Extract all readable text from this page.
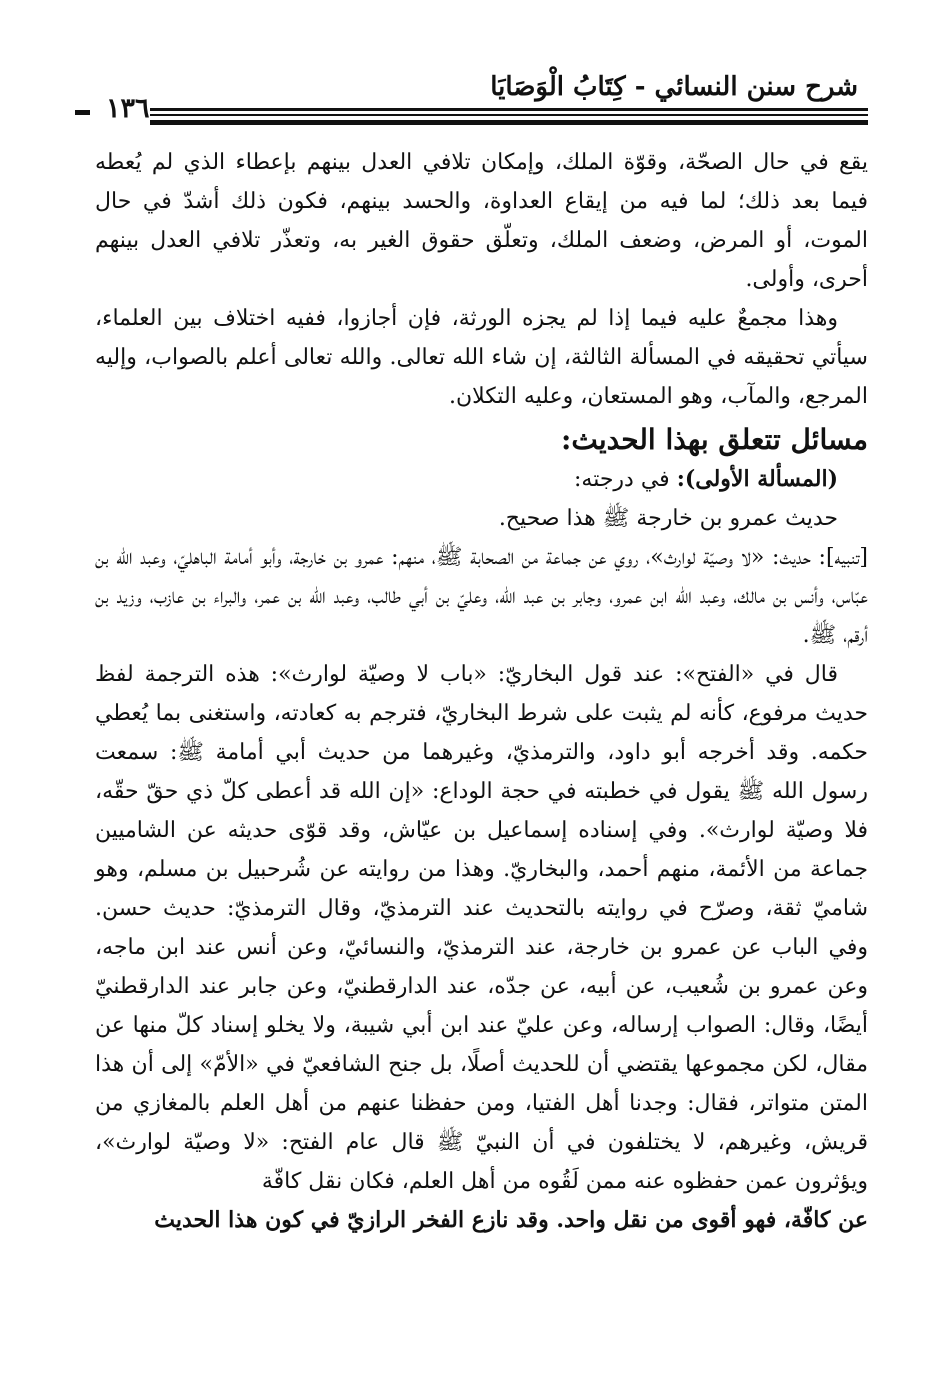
شرح سنن النسائي - كِتَابُ الْوَصَايَا
١٣٦

يقع في حال الصحّة، وقوّة الملك، وإمكان تلافي العدل بينهم بإعطاء الذي لم يُعطه فيما بعد ذلك؛ لما فيه من إيقاع العداوة، والحسد بينهم، فكون ذلك أشدّ في حال الموت، أو المرض، وضعف الملك، وتعلّق حقوق الغير به، وتعذّر تلافي العدل بينهم أحرى، وأولى.

وهذا مجمعٌ عليه فيما إذا لم يجزه الورثة، فإن أجازوا، ففيه اختلاف بين العلماء، سيأتي تحقيقه في المسألة الثالثة، إن شاء الله تعالى. والله تعالى أعلم بالصواب، وإليه المرجع، والمآب، وهو المستعان، وعليه التكلان.

مسائل تتعلق بهذا الحديث:

(المسألة الأولى): في درجته:

حديث عمرو بن خارجة ﷺ هذا صحيح.

[تنبيه]: حديث: «لا وصيّة لوارث»، روي عن جماعة من الصحابة ﷺ، منهم: عمرو بن خارجة، وأبو أمامة الباهليّ، وعبد الله بن عبّاس، وأنس بن مالك، وعبد الله ابن عمرو، وجابر بن عبد الله، وعليّ بن أبي طالب، وعبد الله بن عمر، والبراء بن عازب، وزيد بن أرقم، ﷺ.

قال في «الفتح»: عند قول البخاريّ: «باب لا وصيّة لوارث»: هذه الترجمة لفظ حديث مرفوع، كأنه لم يثبت على شرط البخاريّ، فترجم به كعادته، واستغنى بما يُعطي حكمه. وقد أخرجه أبو داود، والترمذيّ، وغيرهما من حديث أبي أمامة ﷺ: سمعت رسول الله ﷺ يقول في خطبته في حجة الوداع: «إن الله قد أعطى كلّ ذي حقّ حقّه، فلا وصيّة لوارث». وفي إسناده إسماعيل بن عيّاش، وقد قوّى حديثه عن الشاميين جماعة من الأئمة، منهم أحمد، والبخاريّ. وهذا من روايته عن شُرحبيل بن مسلم، وهو شاميّ ثقة، وصرّح في روايته بالتحديث عند الترمذيّ، وقال الترمذيّ: حديث حسن. وفي الباب عن عمرو بن خارجة، عند الترمذيّ، والنسائيّ، وعن أنس عند ابن ماجه، وعن عمرو بن شُعيب، عن أبيه، عن جدّه، عند الدارقطنيّ، وعن جابر عند الدارقطنيّ أيضًا، وقال: الصواب إرساله، وعن عليّ عند ابن أبي شيبة، ولا يخلو إسناد كلّ منها عن مقال، لكن مجموعها يقتضي أن للحديث أصلًا، بل جنح الشافعيّ في «الأمّ» إلى أن هذا المتن متواتر، فقال: وجدنا أهل الفتيا، ومن حفظنا عنهم من أهل العلم بالمغازي من قريش، وغيرهم، لا يختلفون في أن النبيّ ﷺ قال عام الفتح: «لا وصيّة لوارث»، ويؤثرون عمن حفظوه عنه ممن لَقُوه من أهل العلم، فكان نقل كافّة

عن كافّة، فهو أقوى من نقل واحد. وقد نازع الفخر الرازيّ في كون هذا الحديث
